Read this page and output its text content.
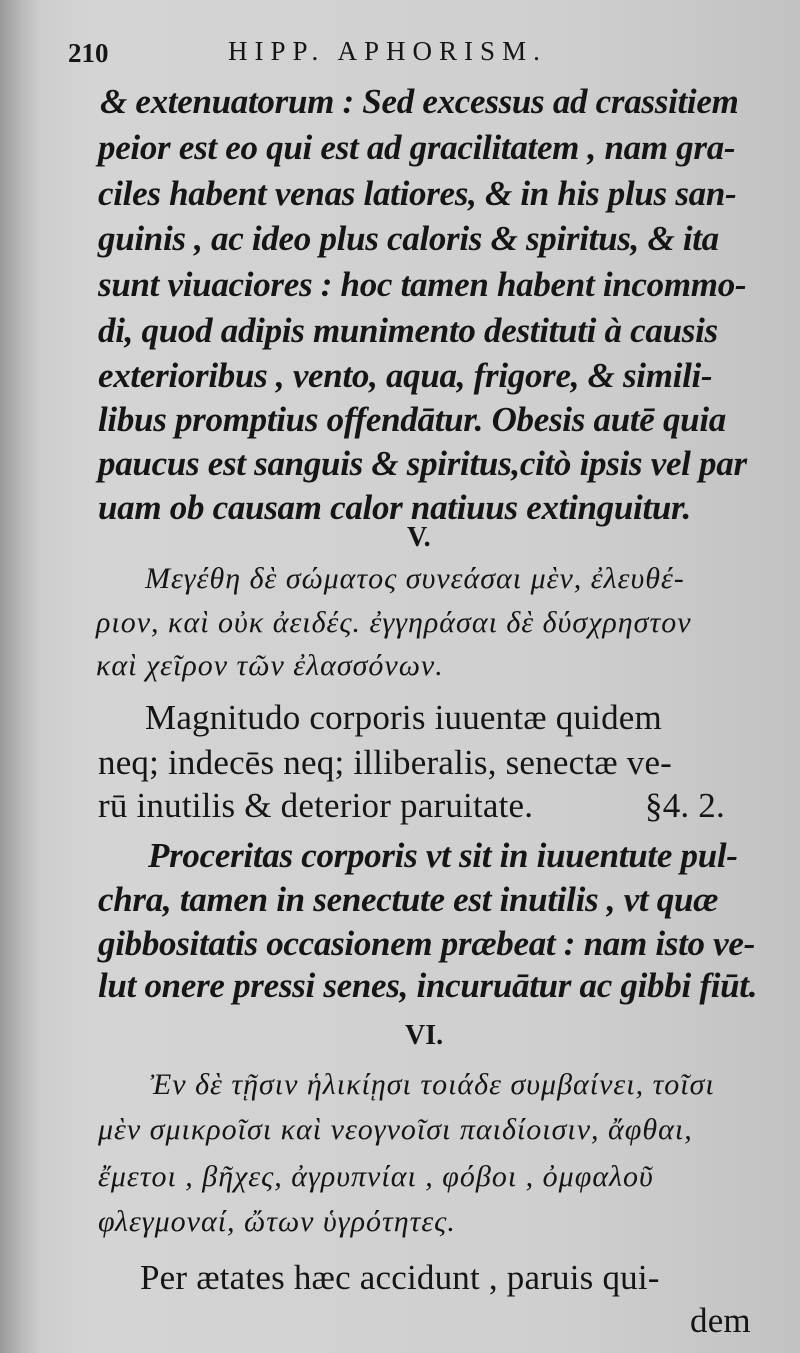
210	HIPP. APHORISM.
& extenuatorum : Sed excessus ad crassitiem
peior est eo qui est ad gracilitatem , nam gra-
ciles habent venas latiores, & in his plus san-
guinis , ac ideo plus caloris & spiritus, & ita
sunt viuaciores : hoc tamen habent incommo-
di, quod adipis munimento destituti à causis
exterioribus , vento, aqua, frigore, & simili-
libus promptius offendātur. Obesis autē quia
paucus est sanguis & spiritus,citò ipsis vel par
uam ob causam calor natiuus extinguitur.
V.
Μεγέθη δὲ σώματος συνεάσαι μὲν, ἐλευθέ-
ριον, καὶ οὐκ ἀειδές. ἐγγηράσαι δὲ δύσχρηστον
καὶ χεῖρον τῶν ἐλασσόνων.
Magnitudo corporis iuuentæ quidem
neq; indecēs neq; illiberalis, senectæ ve-
rū inutilis & deterior paruitate.	§4. 2.
Proceritas corporis vt sit in iuuentute pul-
chra, tamen in senectute est inutilis , vt quæ
gibbositatis occasionem præbeat : nam isto ve-
lut onere pressi senes, incuruātur ac gibbi fiūt.
VI.
Ἐν δὲ τῇσιν ἡλικίῃσι τοιάδε συμβαίνει, τοῖσι
μὲν σμικροῖσι καὶ νεογνοῖσι παιδίοισιν, ἄφθαι,
ἔμετοι , βῆχες, ἀγρυπνίαι , φόβοι , ὀμφαλοῦ
φλεγμοναί, ὤτων ὑγρότητες.
Per ætates hæc accidunt , paruis qui-
dem
